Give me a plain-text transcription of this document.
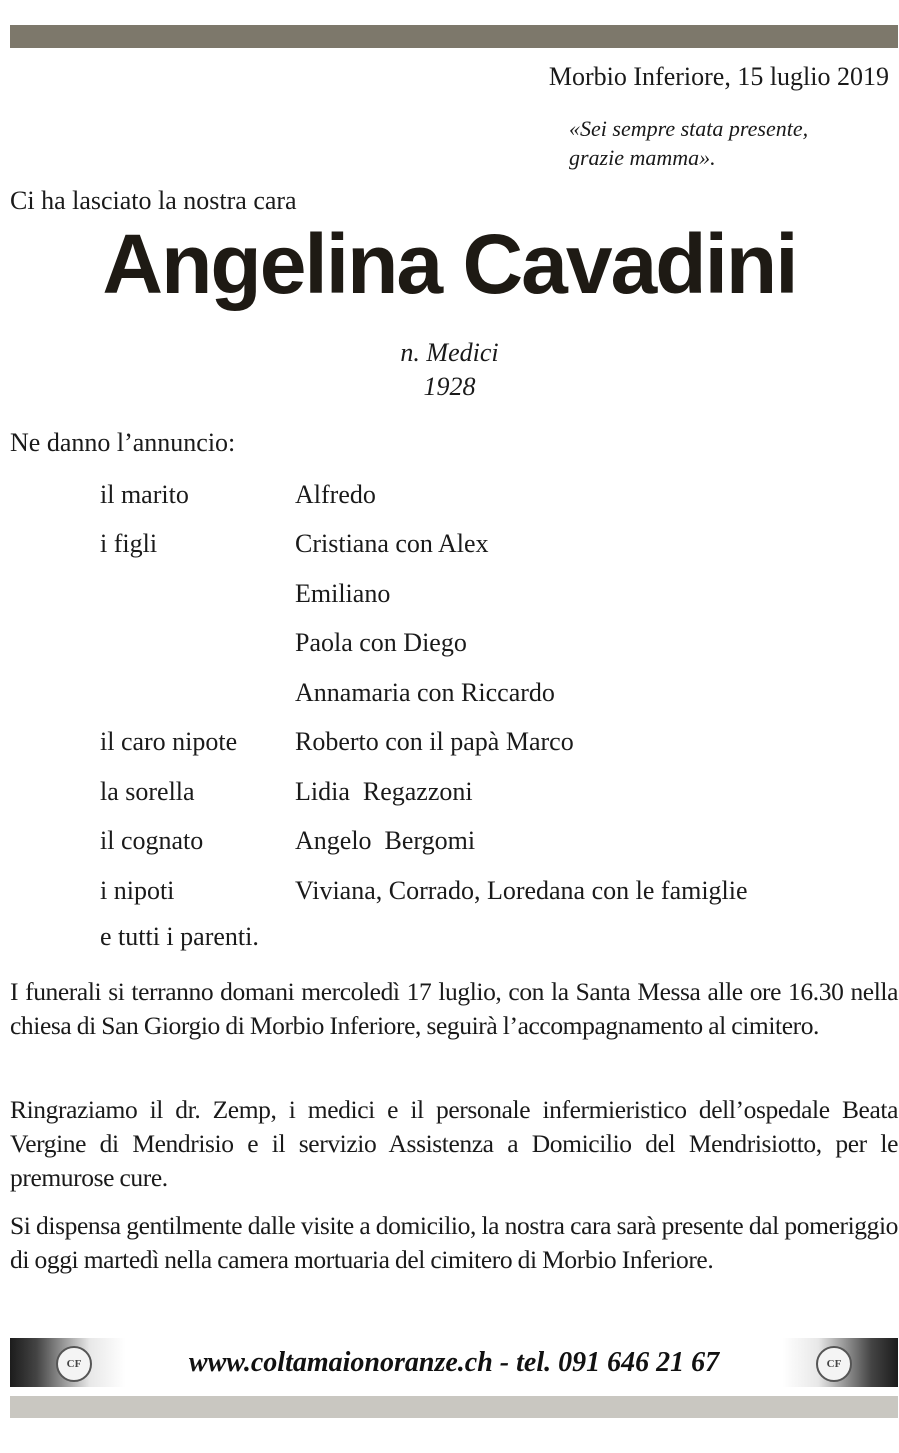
Morbio Inferiore, 15 luglio 2019
«Sei sempre stata presente,
grazie mamma».
Ci ha lasciato la nostra cara
Angelina Cavadini
n. Medici
1928
Ne danno l’annuncio:
il marito	Alfredo
i figli	Cristiana con Alex
Emiliano
Paola con Diego
Annamaria con Riccardo
il caro nipote	Roberto con il papà Marco
la sorella	Lidia  Regazzoni
il cognato	Angelo  Bergomi
i nipoti	Viviana, Corrado, Loredana con le famiglie
e tutti i parenti.
I funerali si terranno domani mercoledì 17 luglio, con la Santa Messa alle ore 16.30 nella chiesa di San Giorgio di Morbio Inferiore, seguirà l’accompagnamento al cimitero.
Ringraziamo il dr. Zemp, i medici e il personale infermieristico dell’ospedale Beata Vergine di Mendrisio e il servizio Assistenza a Domicilio del Mendrisiotto, per le premurose cure.
Si dispensa gentilmente dalle visite a domicilio, la nostra cara sarà presente dal pomeriggio di oggi martedì nella camera mortuaria del cimitero di Morbio Inferiore.
CF	www.coltamaionoranze.ch - tel. 091 646 21 67	CF
